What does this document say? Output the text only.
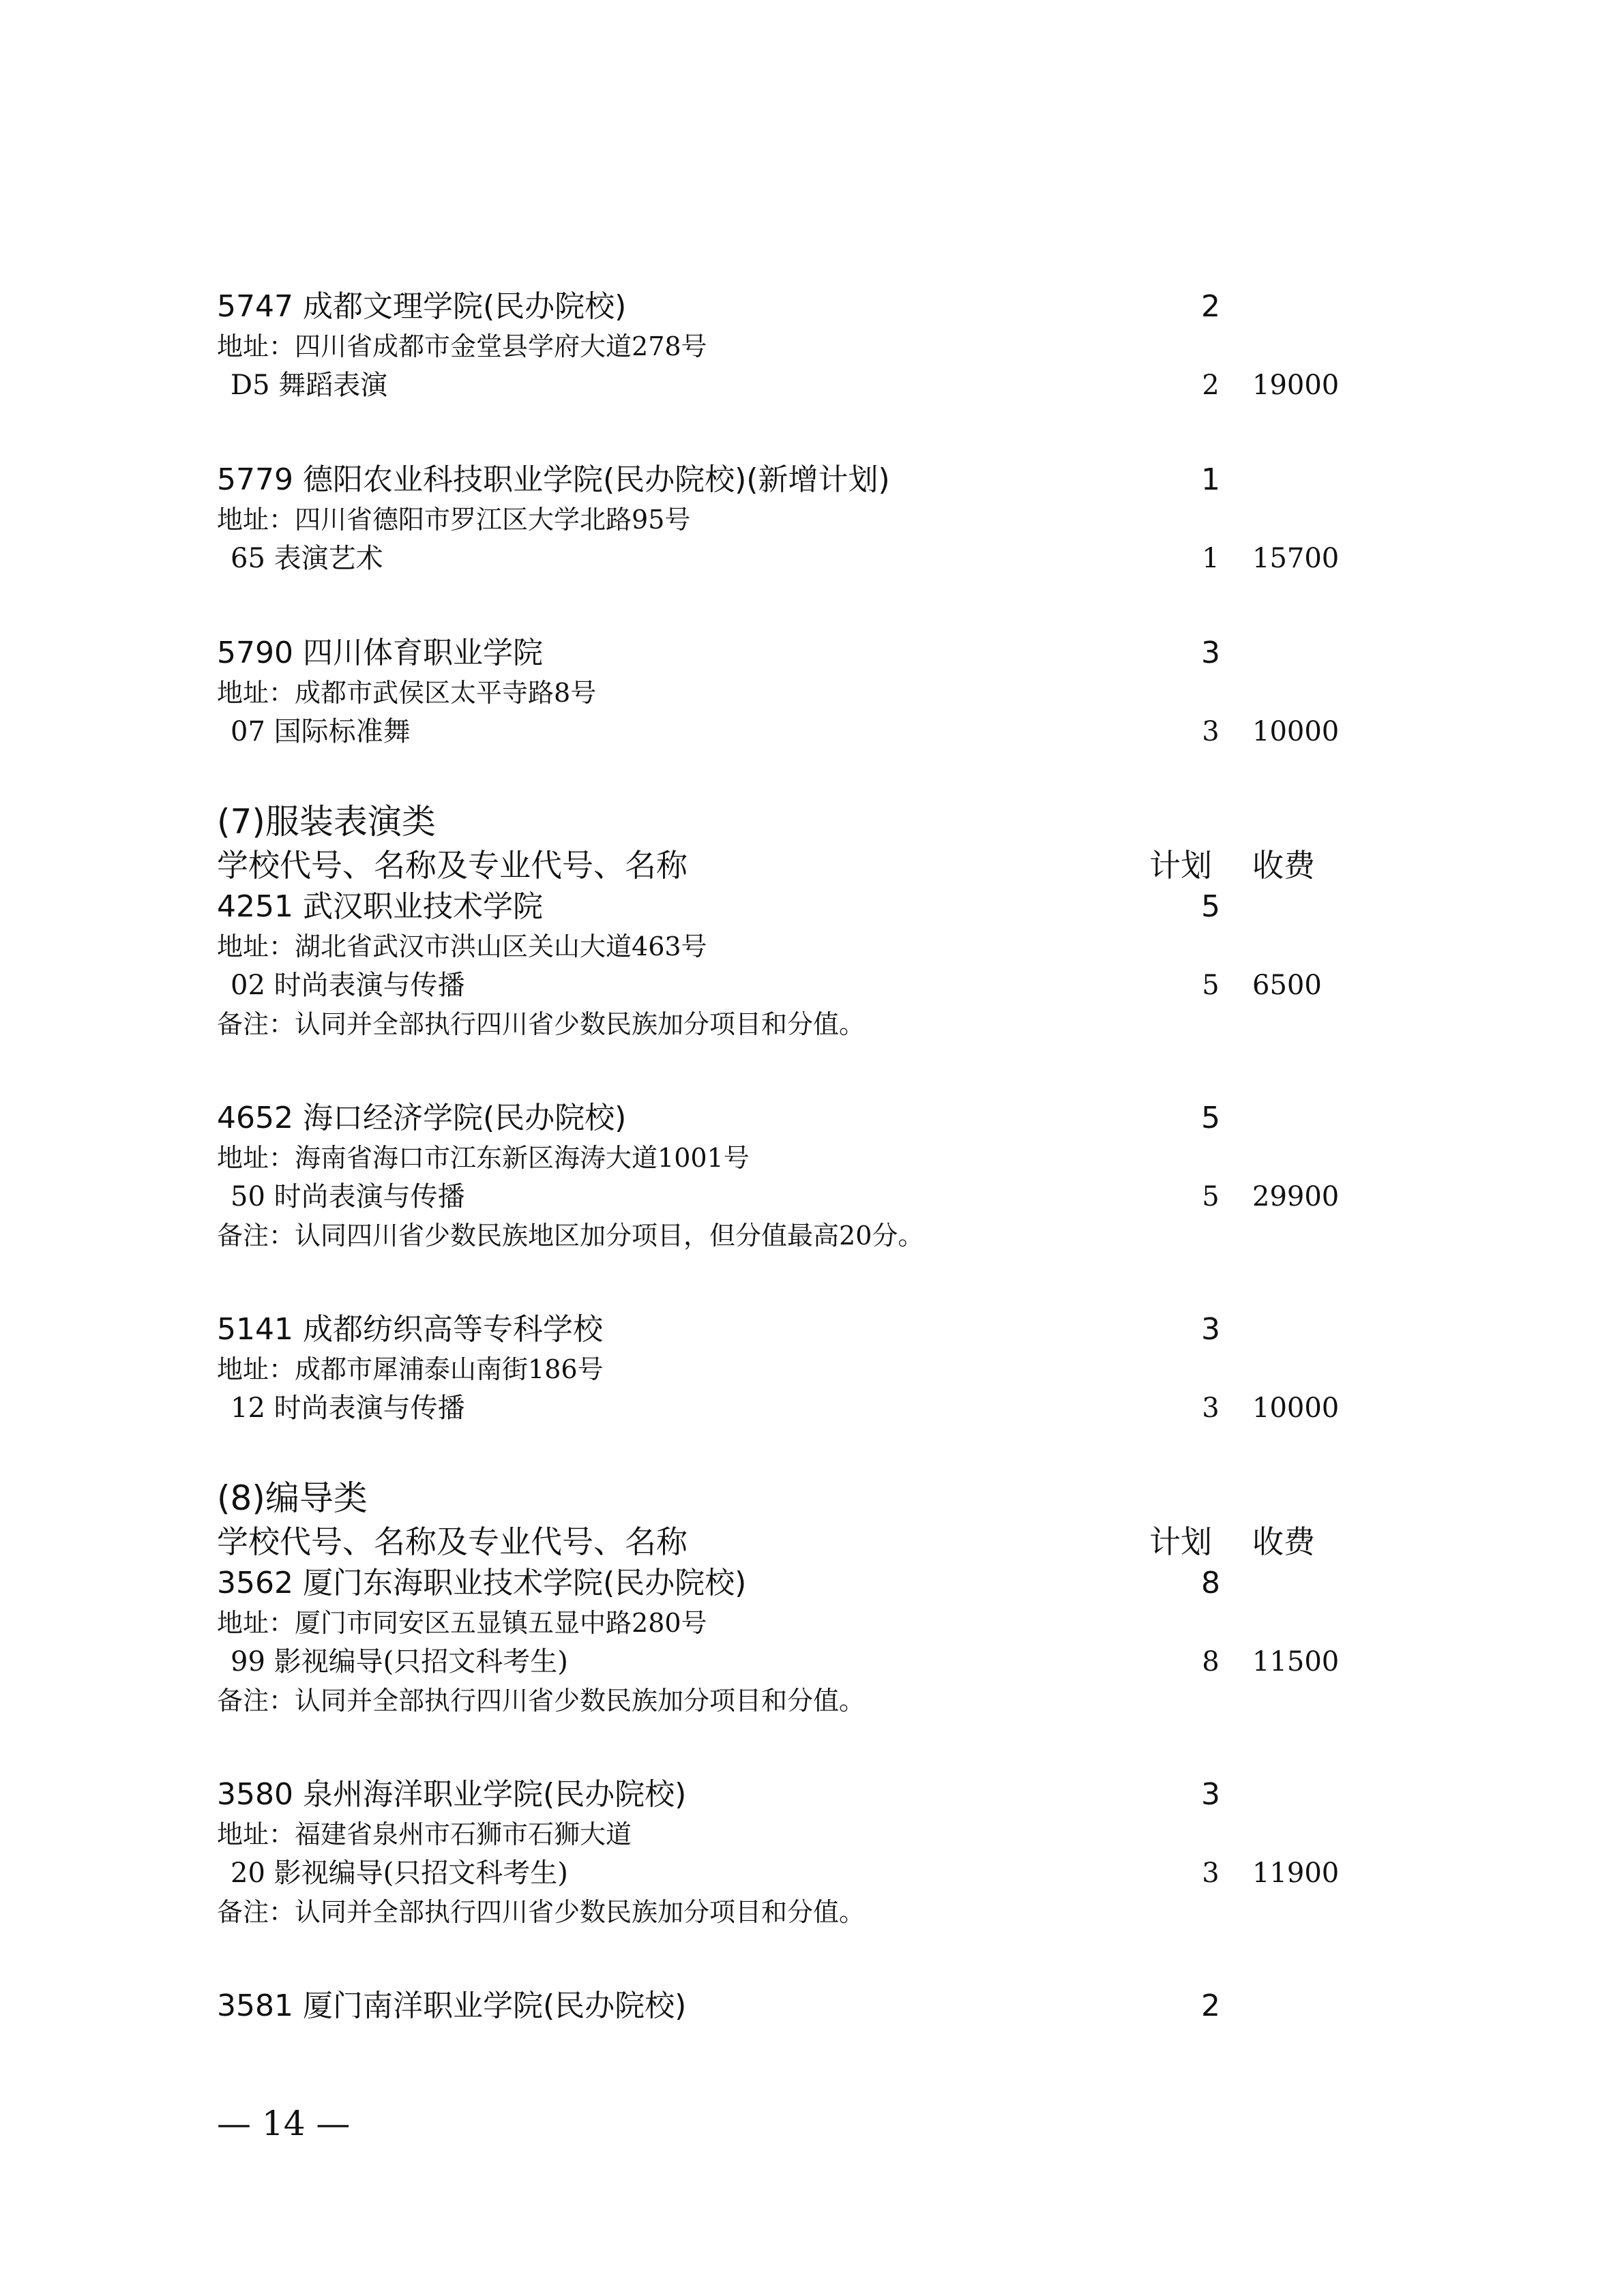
5747 成都文理学院(民办院校)	2
地址：四川省成都市金堂县学府大道278号
D5 舞蹈表演	2 19000
5779 德阳农业科技职业学院(民办院校)(新增计划)	1
地址：四川省德阳市罗江区大学北路95号
65 表演艺术	1 15700
5790 四川体育职业学院	3
地址：成都市武侯区太平寺路8号
07 国际标准舞	3 10000
(7)服装表演类
学校代号、名称及专业代号、名称	计划 收费
4251 武汉职业技术学院	5
地址：湖北省武汉市洪山区关山大道463号
02 时尚表演与传播	5 6500
备注：认同并全部执行四川省少数民族加分项目和分值。
4652 海口经济学院(民办院校)	5
地址：海南省海口市江东新区海涛大道1001号
50 时尚表演与传播	5 29900
备注：认同四川省少数民族地区加分项目，但分值最高20分。
5141 成都纺织高等专科学校	3
地址：成都市犀浦泰山南街186号
12 时尚表演与传播	3 10000
(8)编导类
学校代号、名称及专业代号、名称	计划 收费
3562 厦门东海职业技术学院(民办院校)	8
地址：厦门市同安区五显镇五显中路280号
99 影视编导(只招文科考生)	8 11500
备注：认同并全部执行四川省少数民族加分项目和分值。
3580 泉州海洋职业学院(民办院校)	3
地址：福建省泉州市石狮市石狮大道
20 影视编导(只招文科考生)	3 11900
备注：认同并全部执行四川省少数民族加分项目和分值。
3581 厦门南洋职业学院(民办院校)	2
— 14 —
